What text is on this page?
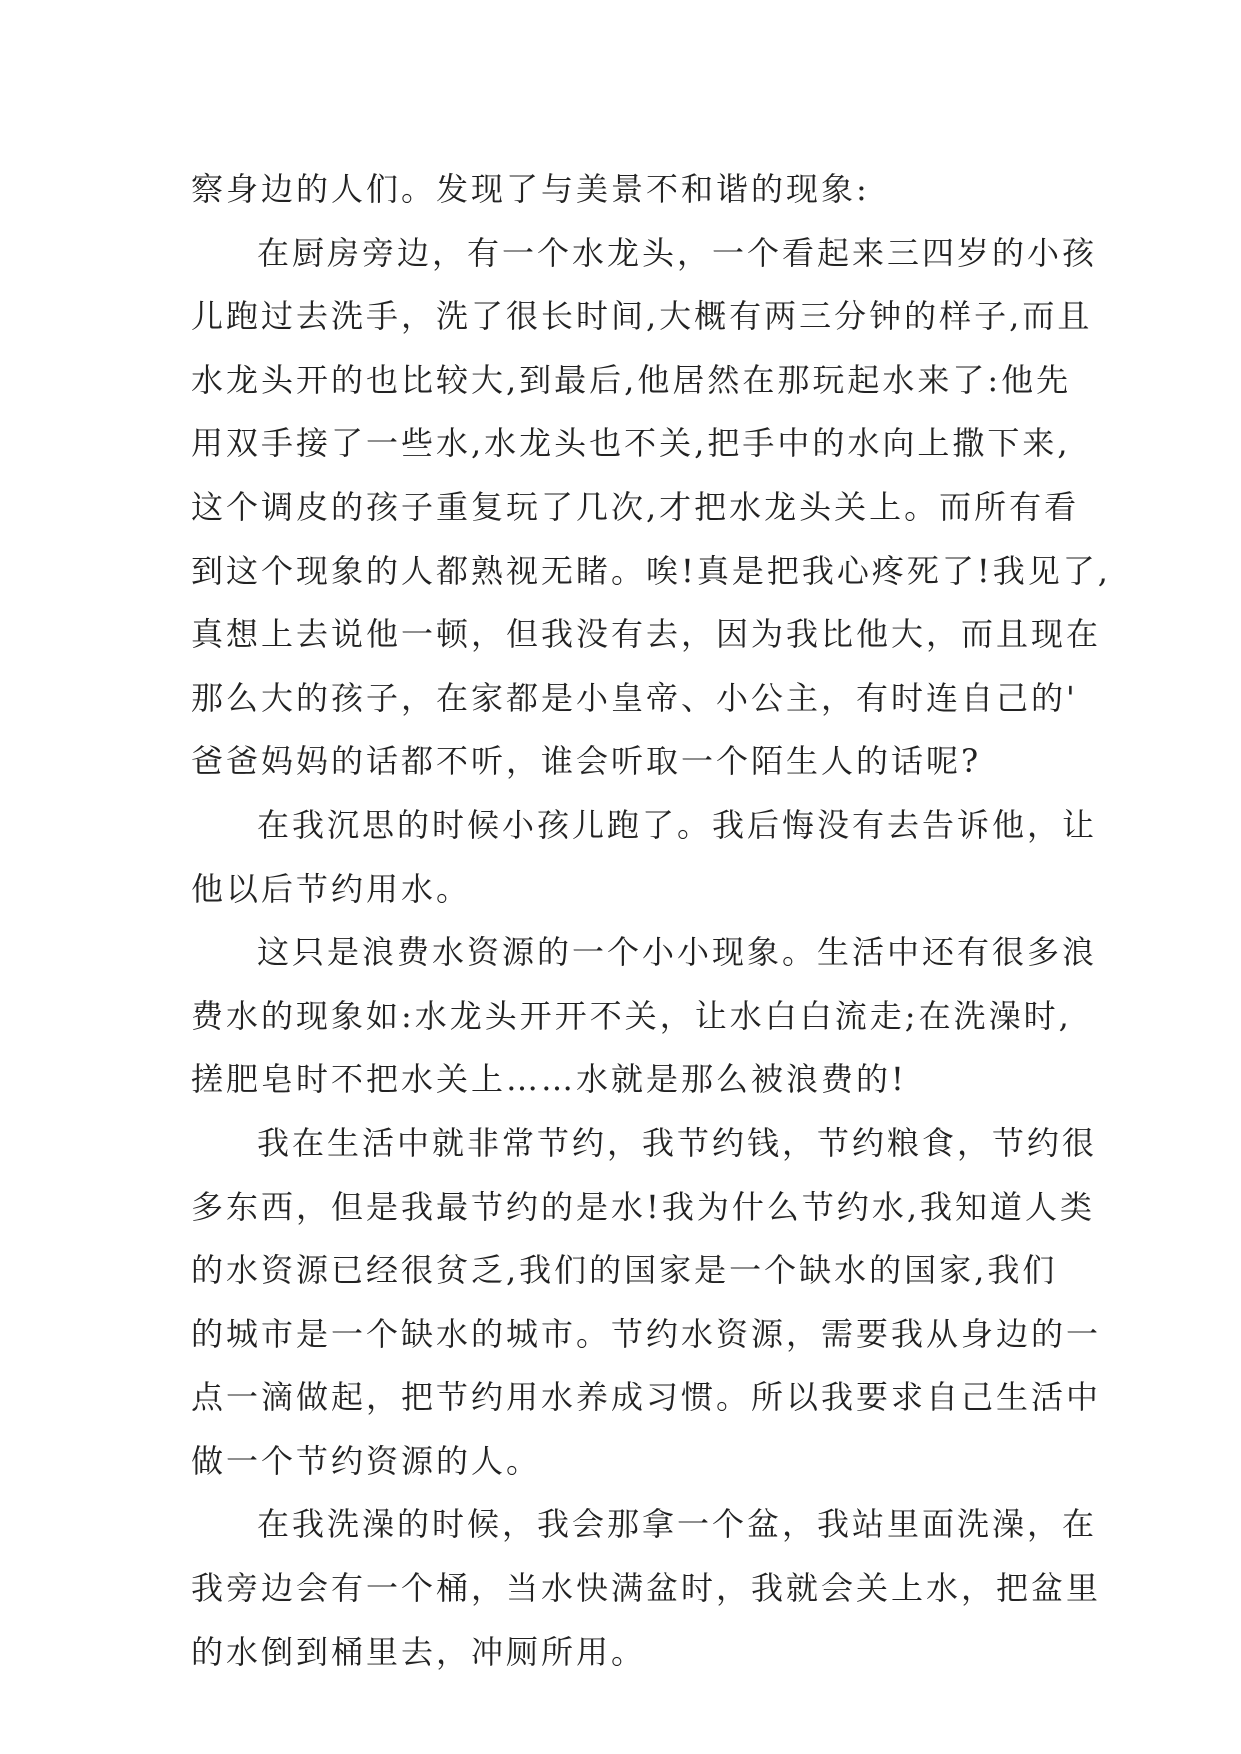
察身边的人们。发现了与美景不和谐的现象:
在厨房旁边，有一个水龙头，一个看起来三四岁的小孩
儿跑过去洗手，洗了很长时间,大概有两三分钟的样子,而且
水龙头开的也比较大,到最后,他居然在那玩起水来了:他先
用双手接了一些水,水龙头也不关,把手中的水向上撒下来,
这个调皮的孩子重复玩了几次,才把水龙头关上。而所有看
到这个现象的人都熟视无睹。唉!真是把我心疼死了!我见了,
真想上去说他一顿，但我没有去，因为我比他大，而且现在
那么大的孩子，在家都是小皇帝、小公主，有时连自己的'
爸爸妈妈的话都不听，谁会听取一个陌生人的话呢?
在我沉思的时候小孩儿跑了。我后悔没有去告诉他，让
他以后节约用水。
这只是浪费水资源的一个小小现象。生活中还有很多浪
费水的现象如:水龙头开开不关，让水白白流走;在洗澡时,
搓肥皂时不把水关上……水就是那么被浪费的!
我在生活中就非常节约，我节约钱，节约粮食，节约很
多东西，但是我最节约的是水!我为什么节约水,我知道人类
的水资源已经很贫乏,我们的国家是一个缺水的国家,我们
的城市是一个缺水的城市。节约水资源，需要我从身边的一
点一滴做起，把节约用水养成习惯。所以我要求自己生活中
做一个节约资源的人。
在我洗澡的时候，我会那拿一个盆，我站里面洗澡，在
我旁边会有一个桶，当水快满盆时，我就会关上水，把盆里
的水倒到桶里去，冲厕所用。
